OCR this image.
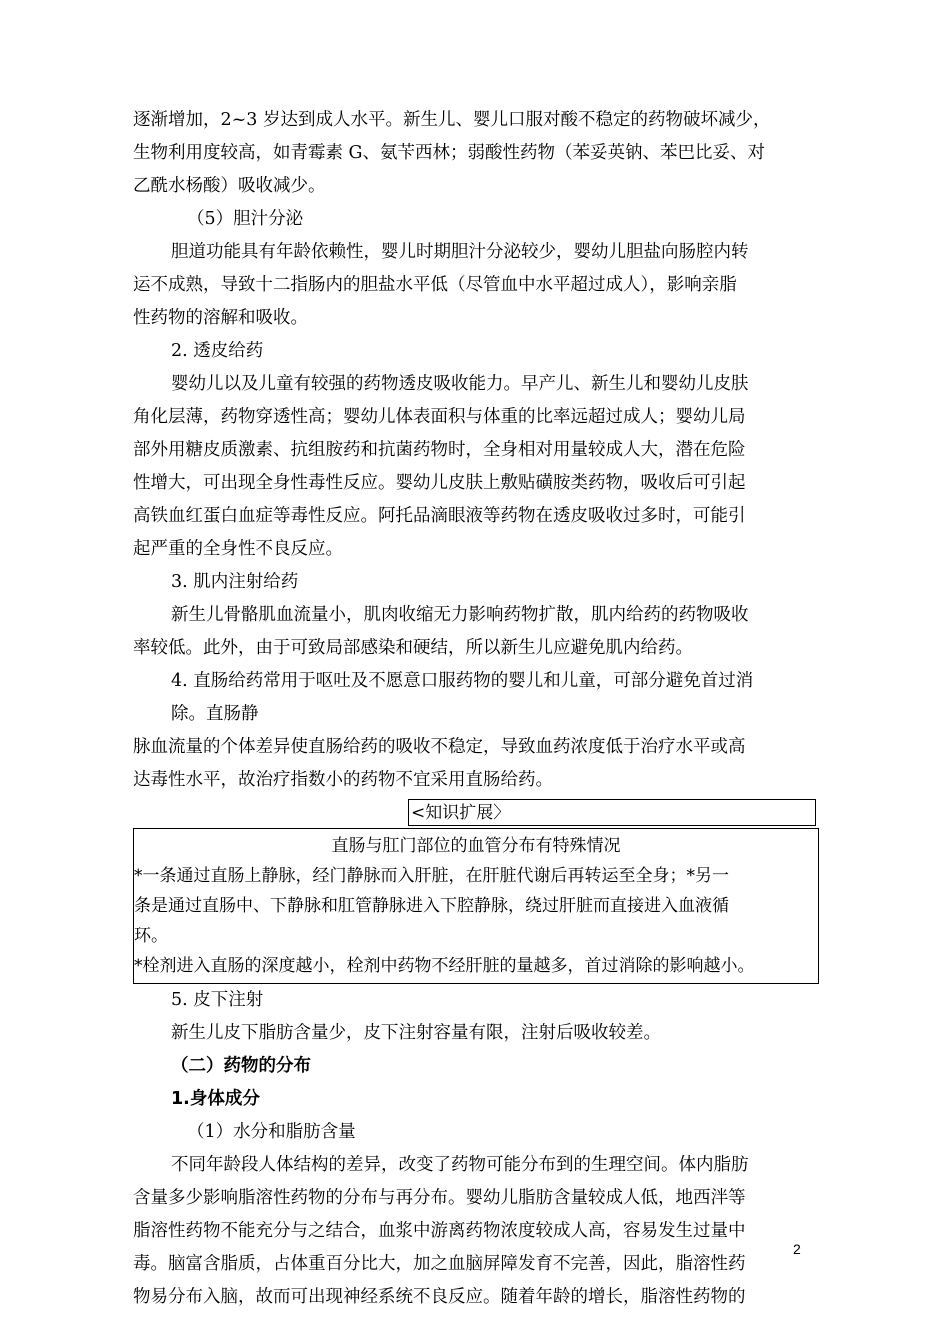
逐渐增加，2~3 岁达到成人水平。新生儿、婴儿口服对酸不稳定的药物破坏减少，

生物利用度较高，如青霉素 G、氨苄西林；弱酸性药物（苯妥英钠、苯巴比妥、对

乙酰水杨酸）吸收减少。

（5）胆汁分泌

胆道功能具有年龄依赖性，婴儿时期胆汁分泌较少，婴幼儿胆盐向肠腔内转

运不成熟，导致十二指肠内的胆盐水平低（尽管血中水平超过成人），影响亲脂

性药物的溶解和吸收。

2. 透皮给药

婴幼儿以及儿童有较强的药物透皮吸收能力。早产儿、新生儿和婴幼儿皮肤

角化层薄，药物穿透性高；婴幼儿体表面积与体重的比率远超过成人；婴幼儿局

部外用糖皮质激素、抗组胺药和抗菌药物时，全身相对用量较成人大，潜在危险

性增大，可出现全身性毒性反应。婴幼儿皮肤上敷贴磺胺类药物，吸收后可引起

高铁血红蛋白血症等毒性反应。阿托品滴眼液等药物在透皮吸收过多时，可能引

起严重的全身性不良反应。

3. 肌内注射给药

新生儿骨骼肌血流量小，肌肉收缩无力影响药物扩散，肌内给药的药物吸收

率较低。此外，由于可致局部感染和硬结，所以新生儿应避免肌内给药。

4. 直肠给药常用于呕吐及不愿意口服药物的婴儿和儿童，可部分避免首过消

除。直肠静

脉血流量的个体差异使直肠给药的吸收不稳定，导致血药浓度低于治疗水平或高

达毒性水平，故治疗指数小的药物不宜采用直肠给药。

<知识扩展〉
直肠与肛门部位的血管分布有特殊情况
*一条通过直肠上静脉，经门静脉而入肝脏，在肝脏代谢后再转运至全身；*另一
条是通过直肠中、下静脉和肛管静脉进入下腔静脉，绕过肝脏而直接进入血液循
环。
*栓剂进入直肠的深度越小，栓剂中药物不经肝脏的量越多，首过消除的影响越小。

5. 皮下注射

新生儿皮下脂肪含量少，皮下注射容量有限，注射后吸收较差。

（二）药物的分布

1.身体成分

（1）水分和脂肪含量

不同年龄段人体结构的差异，改变了药物可能分布到的生理空间。体内脂肪

含量多少影响脂溶性药物的分布与再分布。婴幼儿脂肪含量较成人低，地西泮等

脂溶性药物不能充分与之结合，血浆中游离药物浓度较成人高，容易发生过量中

毒。脑富含脂质，占体重百分比大，加之血脑屏障发育不完善，因此，脂溶性药

物易分布入脑，故而可出现神经系统不良反应。随着年龄的增长，脂溶性药物的

2
